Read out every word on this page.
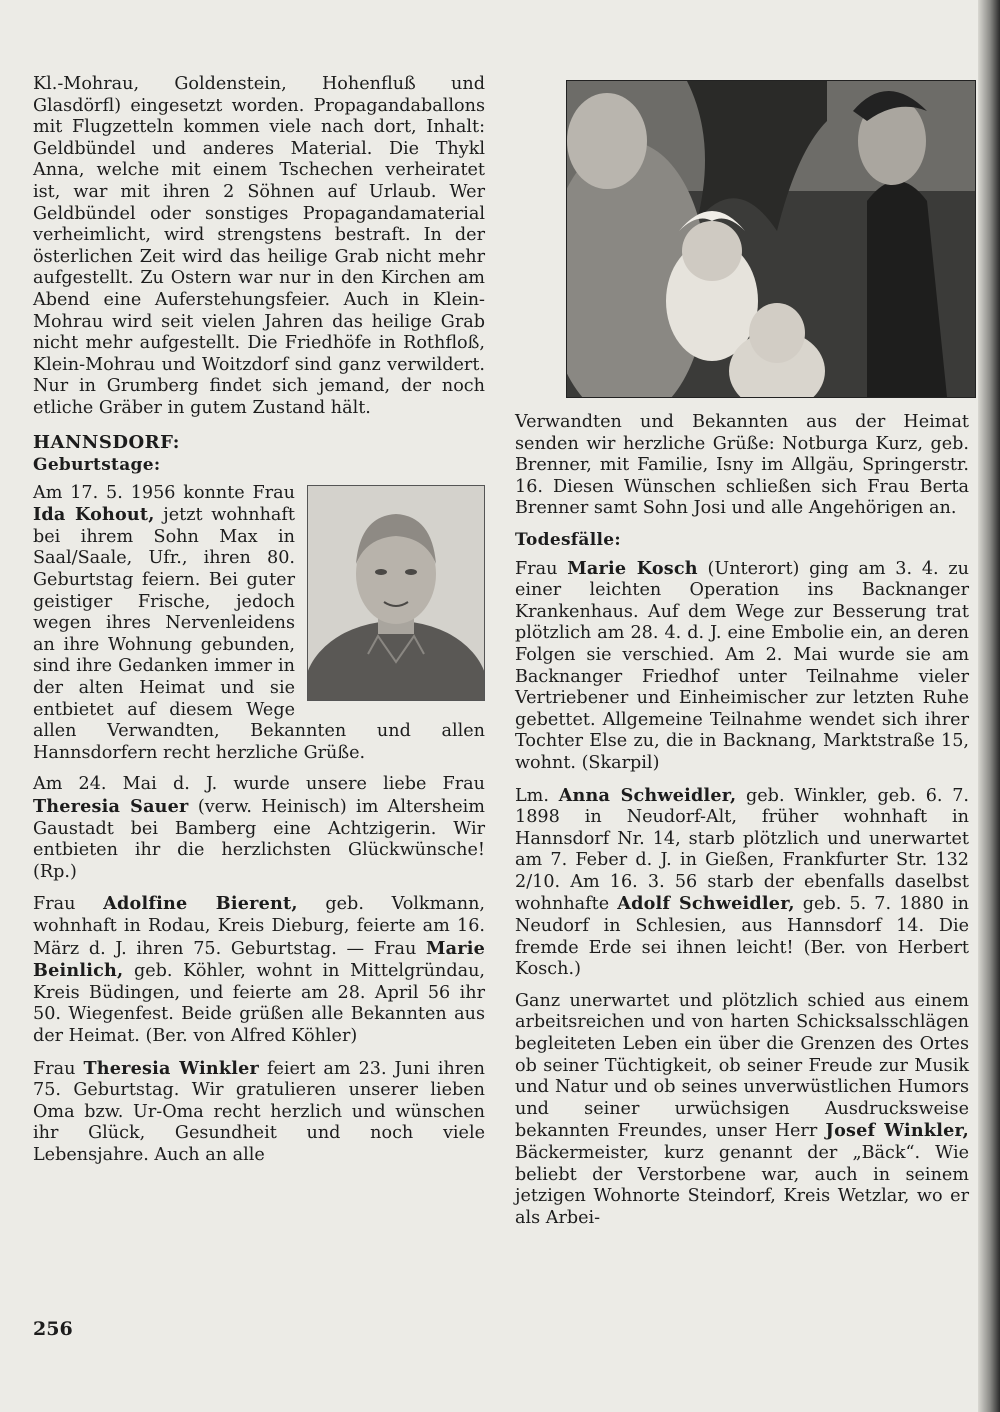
Kl.-Mohrau, Goldenstein, Hohenfluß und Glasdörfl) eingesetzt worden. Propagandaballons mit Flugzetteln kommen viele nach dort, Inhalt: Geldbündel und anderes Material. Die Thykl Anna, welche mit einem Tschechen verheiratet ist, war mit ihren 2 Söhnen auf Urlaub. Wer Geldbündel oder sonstiges Propagandamaterial verheimlicht, wird strengstens bestraft. In der österlichen Zeit wird das heilige Grab nicht mehr aufgestellt. Zu Ostern war nur in den Kirchen am Abend eine Auferstehungsfeier. Auch in Klein-Mohrau wird seit vielen Jahren das heilige Grab nicht mehr aufgestellt. Die Friedhöfe in Rothfloß, Klein-Mohrau und Woitzdorf sind ganz verwildert. Nur in Grumberg findet sich jemand, der noch etliche Gräber in gutem Zustand hält.

HANNSDORF:
Geburtstage:

Am 17. 5. 1956 konnte Frau Ida Kohout, jetzt wohnhaft bei ihrem Sohn Max in Saal/Saale, Ufr., ihren 80. Geburtstag feiern. Bei guter geistiger Frische, jedoch wegen ihres Nervenleidens an ihre Wohnung gebunden, sind ihre Gedanken immer in der alten Heimat und sie entbietet auf diesem Wege allen Verwandten, Bekannten und allen Hannsdorfern recht herzliche Grüße.

Am 24. Mai d. J. wurde unsere liebe Frau Theresia Sauer (verw. Heinisch) im Altersheim Gaustadt bei Bamberg eine Achtzigerin. Wir entbieten ihr die herzlichsten Glückwünsche! (Rp.)

Frau Adolfine Bierent, geb. Volkmann, wohnhaft in Rodau, Kreis Dieburg, feierte am 16. März d. J. ihren 75. Geburtstag. — Frau Marie Beinlich, geb. Köhler, wohnt in Mittelgründau, Kreis Büdingen, und feierte am 28. April 56 ihr 50. Wiegenfest. Beide grüßen alle Bekannten aus der Heimat. (Ber. von Alfred Köhler)

Frau Theresia Winkler feiert am 23. Juni ihren 75. Geburtstag. Wir gratulieren unserer lieben Oma bzw. Ur-Oma recht herzlich und wünschen ihr Glück, Gesundheit und noch viele Lebensjahre. Auch an alle

Verwandten und Bekannten aus der Heimat senden wir herzliche Grüße: Notburga Kurz, geb. Brenner, mit Familie, Isny im Allgäu, Springerstr. 16. Diesen Wünschen schließen sich Frau Berta Brenner samt Sohn Josi und alle Angehörigen an.

Todesfälle:

Frau Marie Kosch (Unterort) ging am 3. 4. zu einer leichten Operation ins Backnanger Krankenhaus. Auf dem Wege zur Besserung trat plötzlich am 28. 4. d. J. eine Embolie ein, an deren Folgen sie verschied. Am 2. Mai wurde sie am Backnanger Friedhof unter Teilnahme vieler Vertriebener und Einheimischer zur letzten Ruhe gebettet. Allgemeine Teilnahme wendet sich ihrer Tochter Else zu, die in Backnang, Marktstraße 15, wohnt. (Skarpil)

Lm. Anna Schweidler, geb. Winkler, geb. 6. 7. 1898 in Neudorf-Alt, früher wohnhaft in Hannsdorf Nr. 14, starb plötzlich und unerwartet am 7. Feber d. J. in Gießen, Frankfurter Str. 132 2/10. Am 16. 3. 56 starb der ebenfalls daselbst wohnhafte Adolf Schweidler, geb. 5. 7. 1880 in Neudorf in Schlesien, aus Hannsdorf 14. Die fremde Erde sei ihnen leicht! (Ber. von Herbert Kosch.)

Ganz unerwartet und plötzlich schied aus einem arbeitsreichen und von harten Schicksalsschlägen begleiteten Leben ein über die Grenzen des Ortes ob seiner Tüchtigkeit, ob seiner Freude zur Musik und Natur und ob seines unverwüstlichen Humors und seiner urwüchsigen Ausdrucksweise bekannten Freundes, unser Herr Josef Winkler, Bäckermeister, kurz genannt der „Bäck“. Wie beliebt der Verstorbene war, auch in seinem jetzigen Wohnorte Steindorf, Kreis Wetzlar, wo er als Arbei-

256
